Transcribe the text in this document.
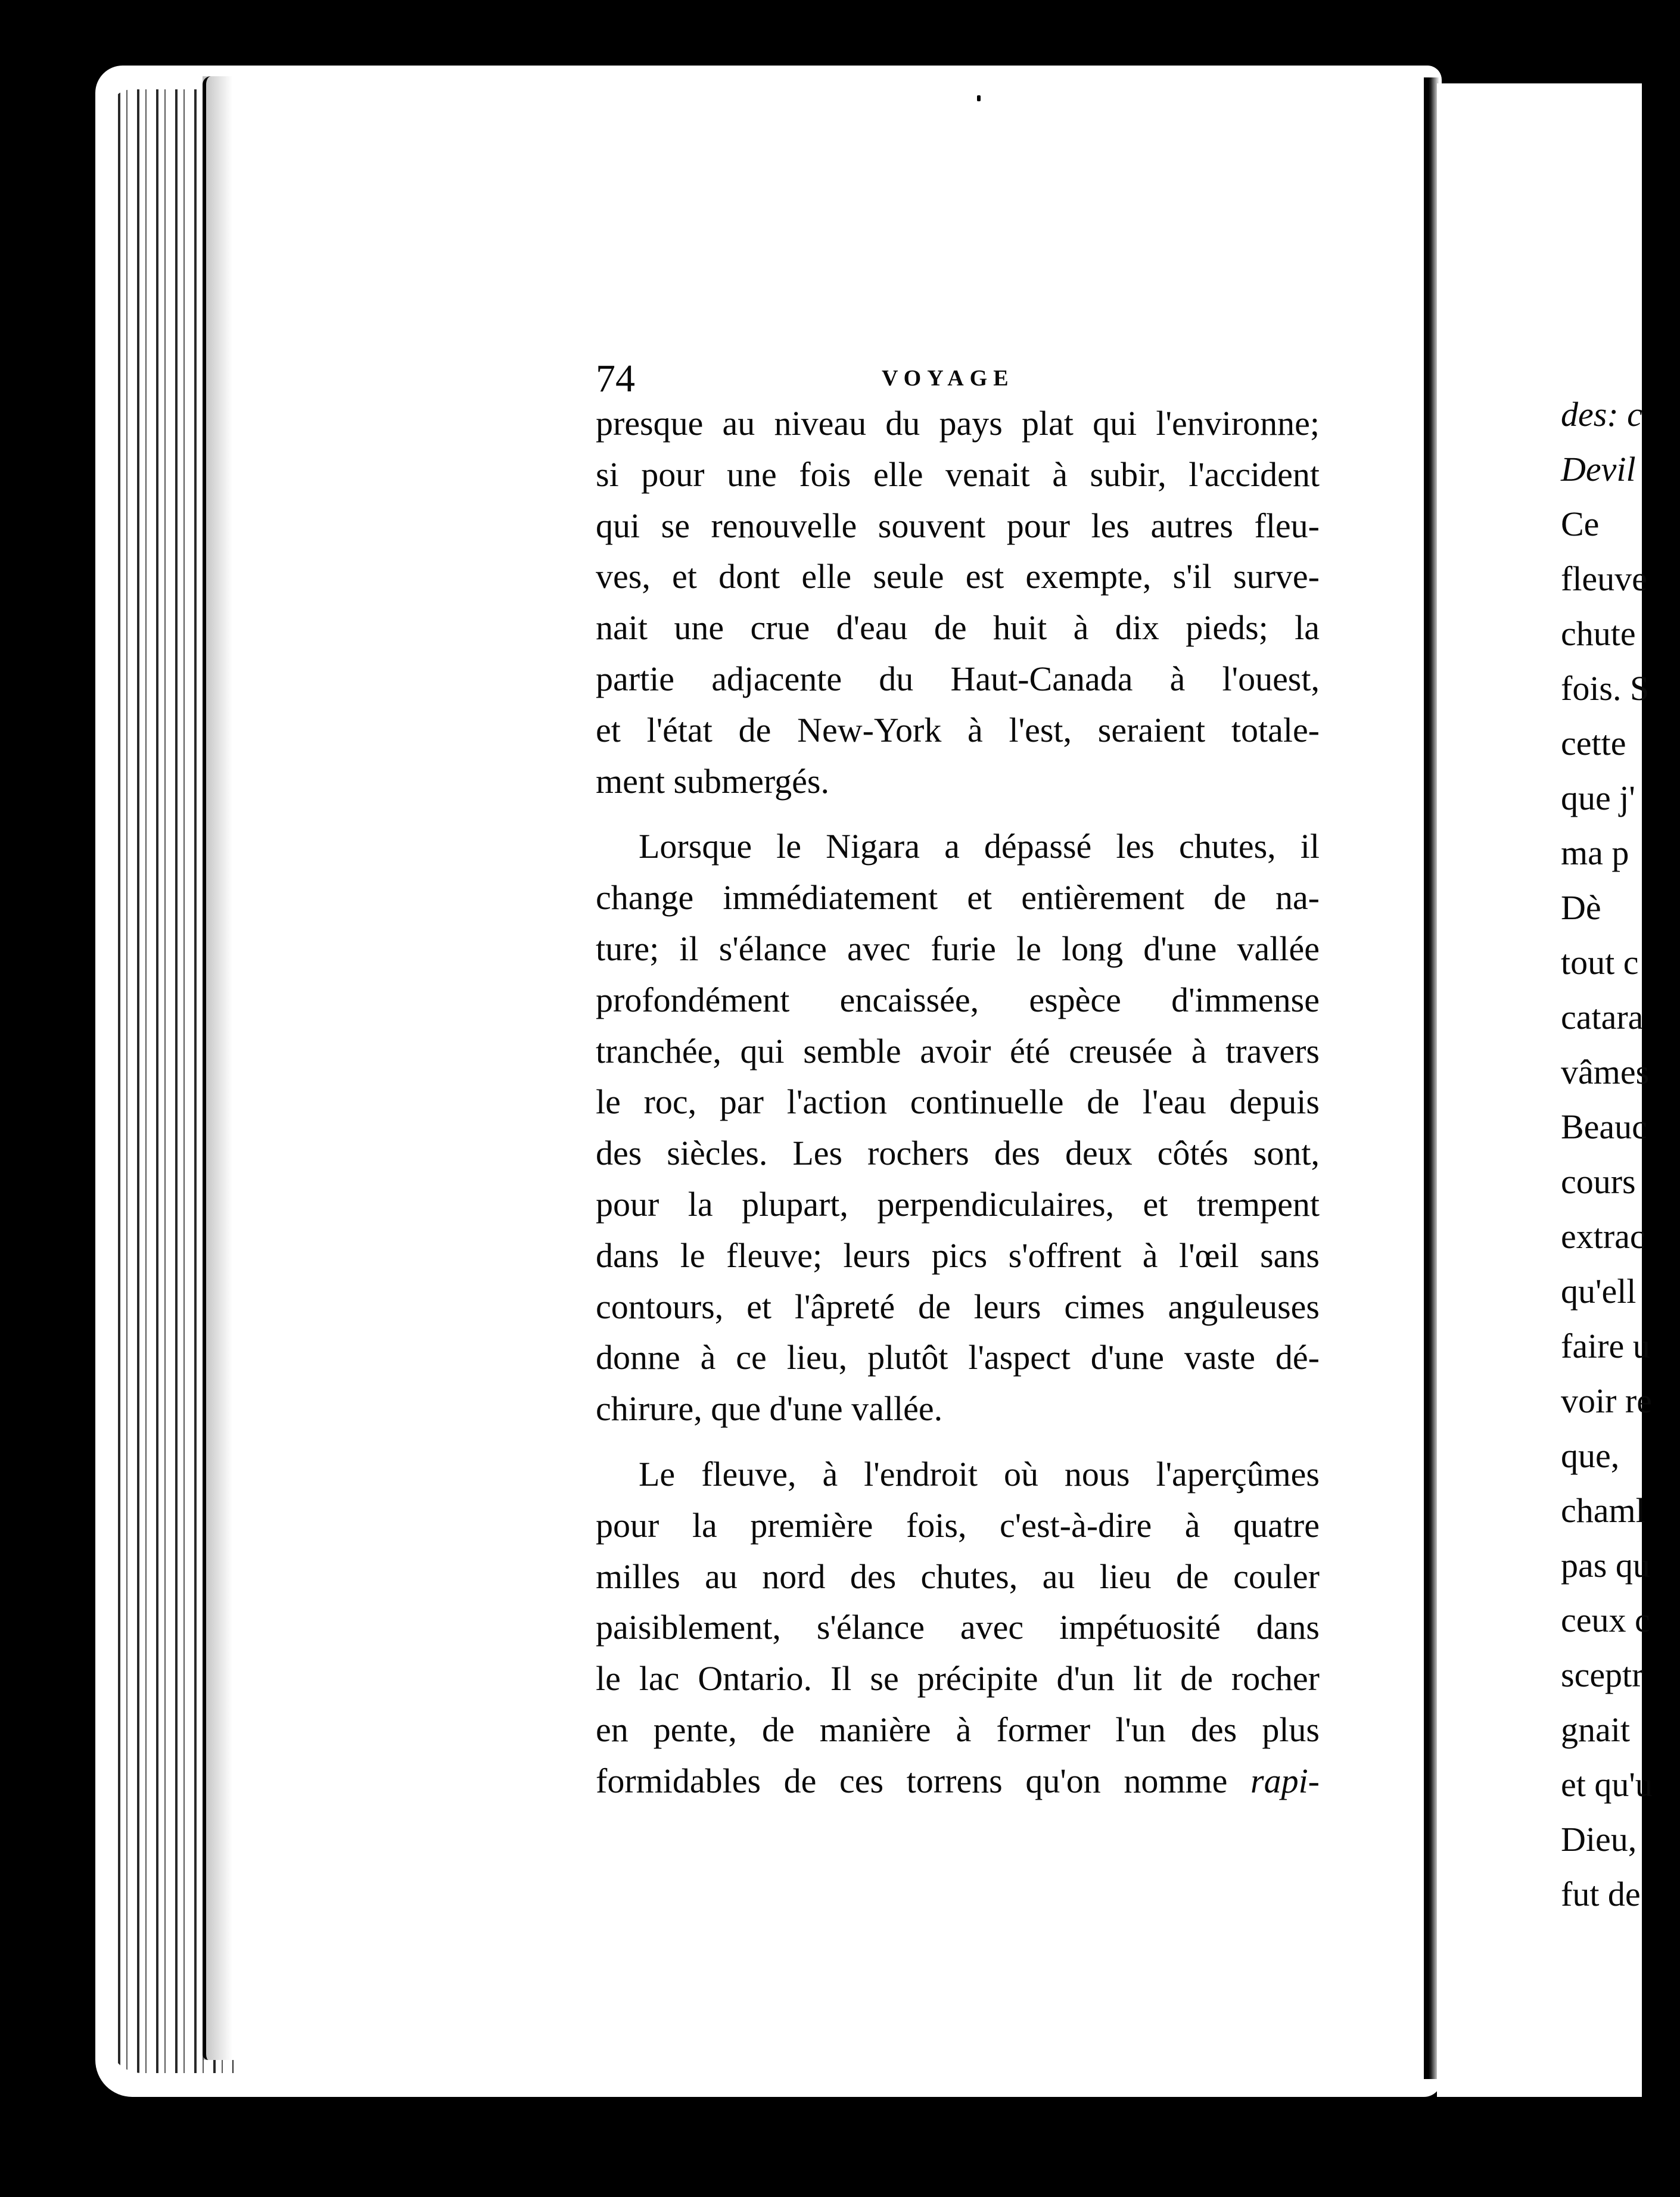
74	VOYAGE
presque au niveau du pays plat qui l'environne;
si pour une fois elle venait à subir, l'accident
qui se renouvelle souvent pour les autres fleu-
ves, et dont elle seule est exempte, s'il surve-
nait une crue d'eau de huit à dix pieds; la
partie adjacente du Haut-Canada à l'ouest,
et l'état de New-York à l'est, seraient totale-
ment submergés.
Lorsque le Nigara a dépassé les chutes, il
change immédiatement et entièrement de na-
ture; il s'élance avec furie le long d'une vallée
profondément encaissée, espèce d'immense
tranchée, qui semble avoir été creusée à travers
le roc, par l'action continuelle de l'eau depuis
des siècles. Les rochers des deux côtés sont,
pour la plupart, perpendiculaires, et trempent
dans le fleuve; leurs pics s'offrent à l'œil sans
contours, et l'âpreté de leurs cimes anguleuses
donne à ce lieu, plutôt l'aspect d'une vaste dé-
chirure, que d'une vallée.
Le fleuve, à l'endroit où nous l'aperçûmes
pour la première fois, c'est-à-dire à quatre
milles au nord des chutes, au lieu de couler
paisiblement, s'élance avec impétuosité dans
le lac Ontario. Il se précipite d'un lit de rocher
en pente, de manière à former l'un des plus
formidables de ces torrens qu'on nomme rapi-
des: c
Devil
Ce
fleuve
chute
fois. S
cette
que j'
ma p
Dè
tout c
catara
vâmes
Beauc
cours
extrac
qu'ell
faire u
voir re
que,
chaml
pas qu
ceux c
sceptr
gnait
et qu'u
Dieu,
fut de
